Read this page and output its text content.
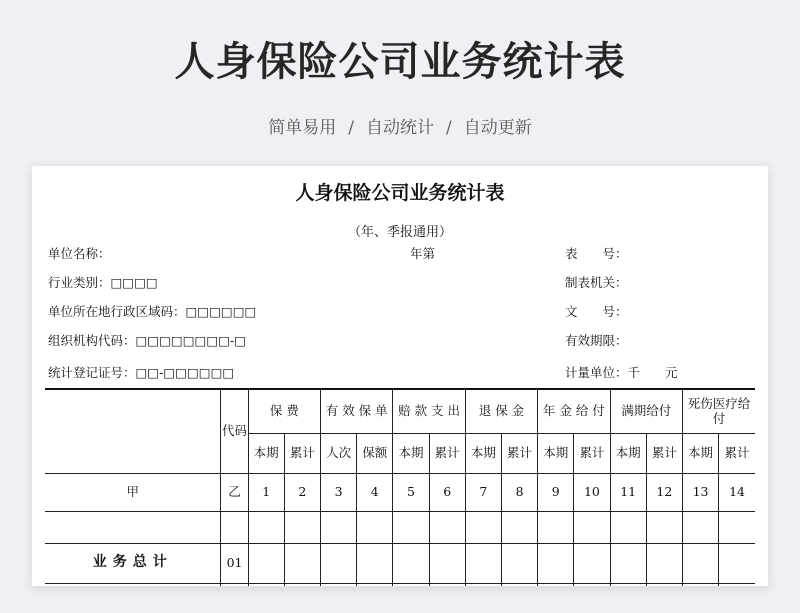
人身保险公司业务统计表
简单易用 / 自动统计 / 自动更新
人身保险公司业务统计表
（年、季报通用）
单位名称：
行业类别：□□□□
单位所在地行政区域码：□□□□□□
组织机构代码：□□□□□□□□-□
统计登记证号：□□-□□□□□□
年第	表　　号：
制表机关：
文　　号：
有效期限：
计量单位：千　　元
	代码	保 费		有 效 保 单		赔 款 支 出		退 保 金		年 金 给 付		满期给付		死伤医疗给付	
		本期	累计	人次	保额	本期	累计	本期	累计	本期	累计	本期	累计	本期	累计
甲	乙	1	2	3	4	5	6	7	8	9	10	11	12	13	14

业务总计	01														
